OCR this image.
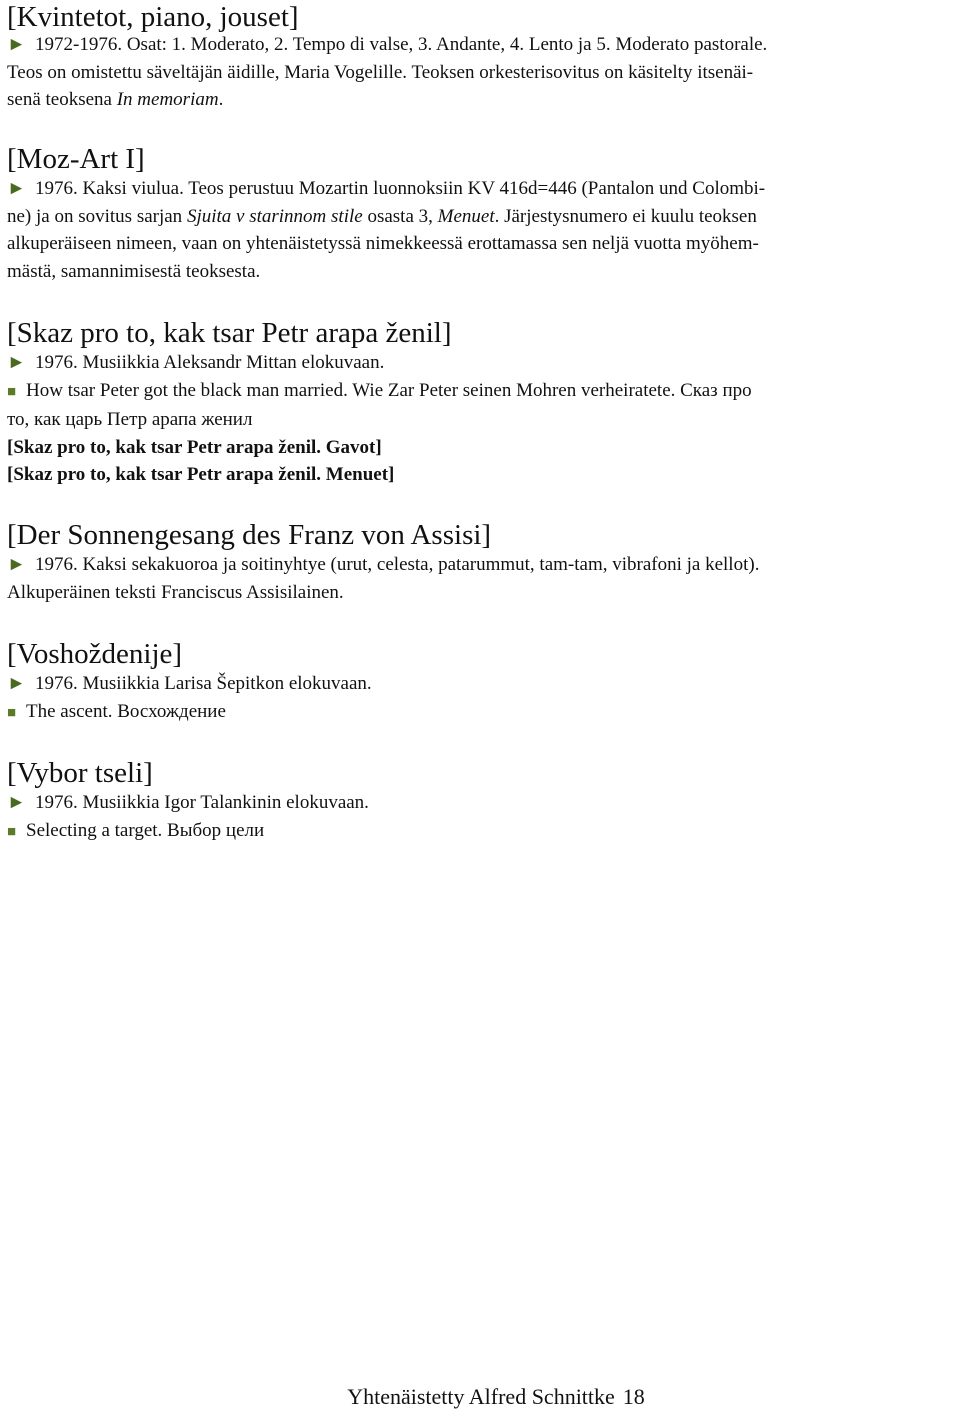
[Kvintetot, piano, jouset]

► 1972-1976. Osat: 1. Moderato, 2. Tempo di valse, 3. Andante, 4. Lento ja 5. Moderato pastorale.
Teos on omistettu säveltäjän äidille, Maria Vogelille. Teoksen orkesterisovitus on käsitelty itsenäi-
senä teoksena In memoriam.

[Moz-Art I]

► 1976. Kaksi viulua. Teos perustuu Mozartin luonnoksiin KV 416d=446 (Pantalon und Colombi-
ne) ja on sovitus sarjan Sjuita v starinnom stile osasta 3, Menuet. Järjestysnumero ei kuulu teoksen
alkuperäiseen nimeen, vaan on yhtenäistetyssä nimekkeessä erottamassa sen neljä vuotta myöhem-
mästä, samannimisestä teoksesta.

[Skaz pro to, kak tsar Petr arapa ženil]

► 1976. Musiikkia Aleksandr Mittan elokuvaan.
■ How tsar Peter got the black man married. Wie Zar Peter seinen Mohren verheiratete. Сказ про
то, как царь Петр арапа женил
[Skaz pro to, kak tsar Petr arapa ženil. Gavot]
[Skaz pro to, kak tsar Petr arapa ženil. Menuet]

[Der Sonnengesang des Franz von Assisi]

► 1976. Kaksi sekakuoroa ja soitinyhtye (urut, celesta, patarummut, tam-tam, vibrafoni ja kellot).
Alkuperäinen teksti Franciscus Assisilainen.

[Voshoždenije]

► 1976. Musiikkia Larisa Šepitkon elokuvaan.
■ The ascent. Восхождение

[Vybor tseli]

► 1976. Musiikkia Igor Talankinin elokuvaan.
■ Selecting a target. Выбор цели

Yhtenäistetty Alfred Schnittke 18
